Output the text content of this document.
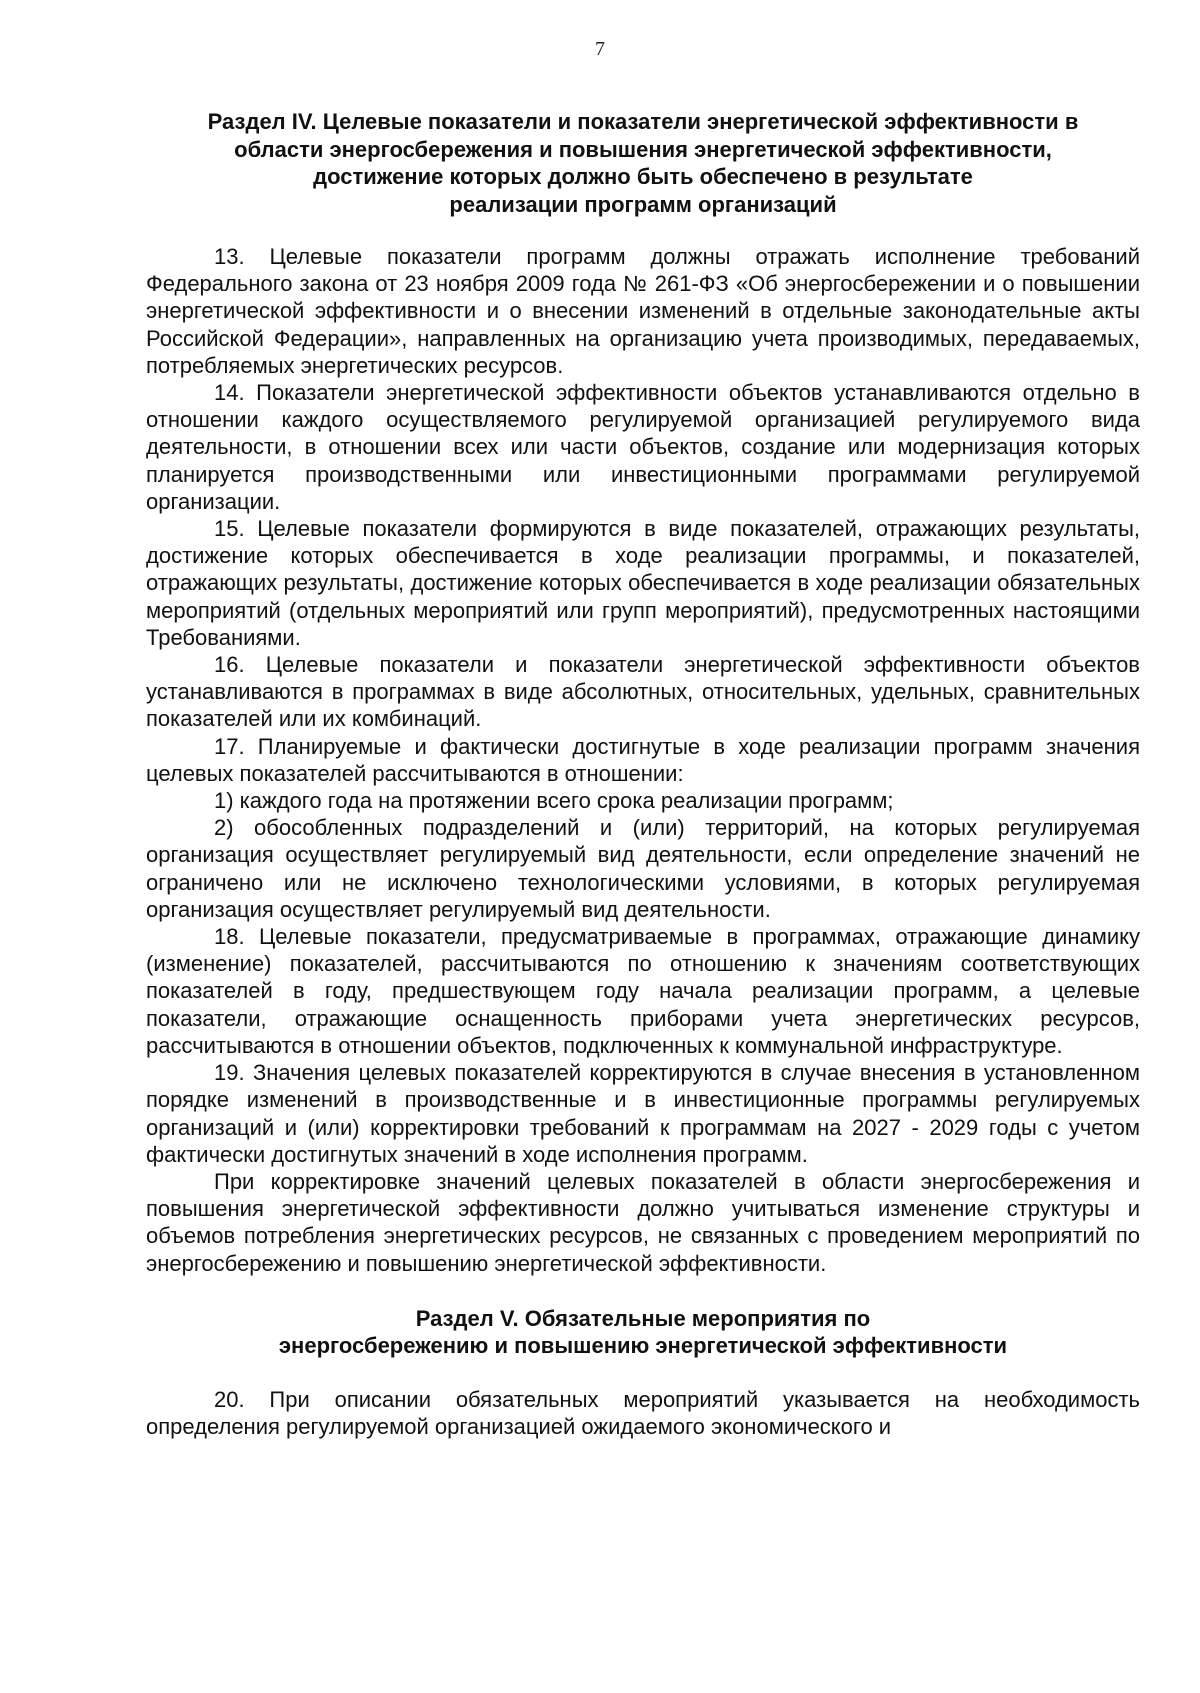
7
Раздел IV. Целевые показатели и показатели энергетической эффективности в
области энергосбережения и повышения энергетической эффективности,
достижение которых должно быть обеспечено в результате
реализации программ организаций

13. Целевые показатели программ должны отражать исполнение требований Федерального закона от 23 ноября 2009 года № 261-ФЗ «Об энергосбережении и о повышении энергетической эффективности и о внесении изменений в отдельные законодательные акты Российской Федерации», направленных на организацию учета производимых, передаваемых, потребляемых энергетических ресурсов.

14. Показатели энергетической эффективности объектов устанавливаются отдельно в отношении каждого осуществляемого регулируемой организацией регулируемого вида деятельности, в отношении всех или части объектов, создание или модернизация которых планируется производственными или инвестиционными программами регулируемой организации.

15. Целевые показатели формируются в виде показателей, отражающих результаты, достижение которых обеспечивается в ходе реализации программы, и показателей, отражающих результаты, достижение которых обеспечивается в ходе реализации обязательных мероприятий (отдельных мероприятий или групп мероприятий), предусмотренных настоящими Требованиями.

16. Целевые показатели и показатели энергетической эффективности объектов устанавливаются в программах в виде абсолютных, относительных, удельных, сравнительных показателей или их комбинаций.

17. Планируемые и фактически достигнутые в ходе реализации программ значения целевых показателей рассчитываются в отношении:

1) каждого года на протяжении всего срока реализации программ;

2) обособленных подразделений и (или) территорий, на которых регулируемая организация осуществляет регулируемый вид деятельности, если определение значений не ограничено или не исключено технологическими условиями, в которых регулируемая организация осуществляет регулируемый вид деятельности.

18. Целевые показатели, предусматриваемые в программах, отражающие динамику (изменение) показателей, рассчитываются по отношению к значениям соответствующих показателей в году, предшествующем году начала реализации программ, а целевые показатели, отражающие оснащенность приборами учета энергетических ресурсов, рассчитываются в отношении объектов, подключенных к коммунальной инфраструктуре.

19. Значения целевых показателей корректируются в случае внесения в установленном порядке изменений в производственные и в инвестиционные программы регулируемых организаций и (или) корректировки требований к программам на 2027 - 2029 годы с учетом фактически достигнутых значений в ходе исполнения программ.

При корректировке значений целевых показателей в области энергосбережения и повышения энергетической эффективности должно учитываться изменение структуры и объемов потребления энергетических ресурсов, не связанных с проведением мероприятий по энергосбережению и повышению энергетической эффективности.

Раздел V. Обязательные мероприятия по
энергосбережению и повышению энергетической эффективности

20. При описании обязательных мероприятий указывается на необходимость определения регулируемой организацией ожидаемого экономического и
